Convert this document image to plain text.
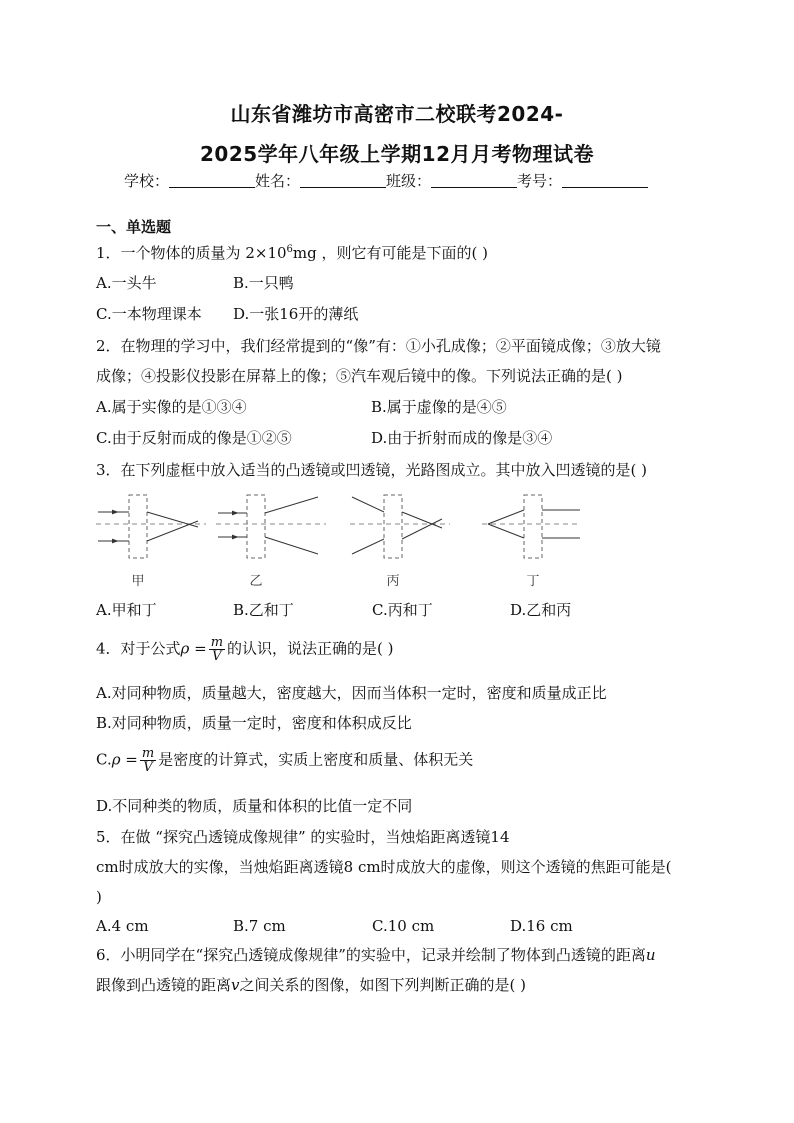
山东省潍坊市高密市二校联考2024-
2025学年八年级上学期12月月考物理试卷
学校：	姓名：	班级：	考号：
一、单选题
1．一个物体的质量为 $2\times 10^6mg$ ，则它有可能是下面的( )
A.一头牛	B.一只鸭
C.一本物理课本 D.一张16开的薄纸
2．在物理的学习中，我们经常提到的“像”有：①小孔成像；②平面镜成像；③放大镜
成像；④投影仪投影在屏幕上的像；⑤汽车观后镜中的像。下列说法正确的是( )
A.属于实像的是①③④	B.属于虚像的是④⑤
C.由于反射而成的像是①②⑤	D.由于折射而成的像是③④
3．在下列虚框中放入适当的凸透镜或凹透镜，光路图成立。其中放入凹透镜的是( )
甲	乙	丙	丁
A.甲和丁	B.乙和丁	C.丙和丁	D.乙和丙
4．对于公式$\rho = \frac{m}{V}$ 的认识，说法正确的是( )
A.对同种物质，质量越大，密度越大，因而当体积一定时，密度和质量成正比
B.对同种物质，质量一定时，密度和体积成反比
$C.\rho = \frac{m}{V}$ 是密度的计算式，实质上密度和质量、体积无关
D.不同种类的物质，质量和体积的比值一定不同
5．在做 “探究凸透镜成像规律” 的实验时，当烛焰距离透镜14
cm时成放大的实像，当烛焰距离透镜8 cm时成放大的虚像，则这个透镜的焦距可能是(
)
A.4 cm	B.7 cm	C.10 cm	D.16 cm
6．小明同学在“探究凸透镜成像规律”的实验中，记录并绘制了物体到凸透镜的距离u
跟像到凸透镜的距离v之间关系的图像，如图下列判断正确的是( )
